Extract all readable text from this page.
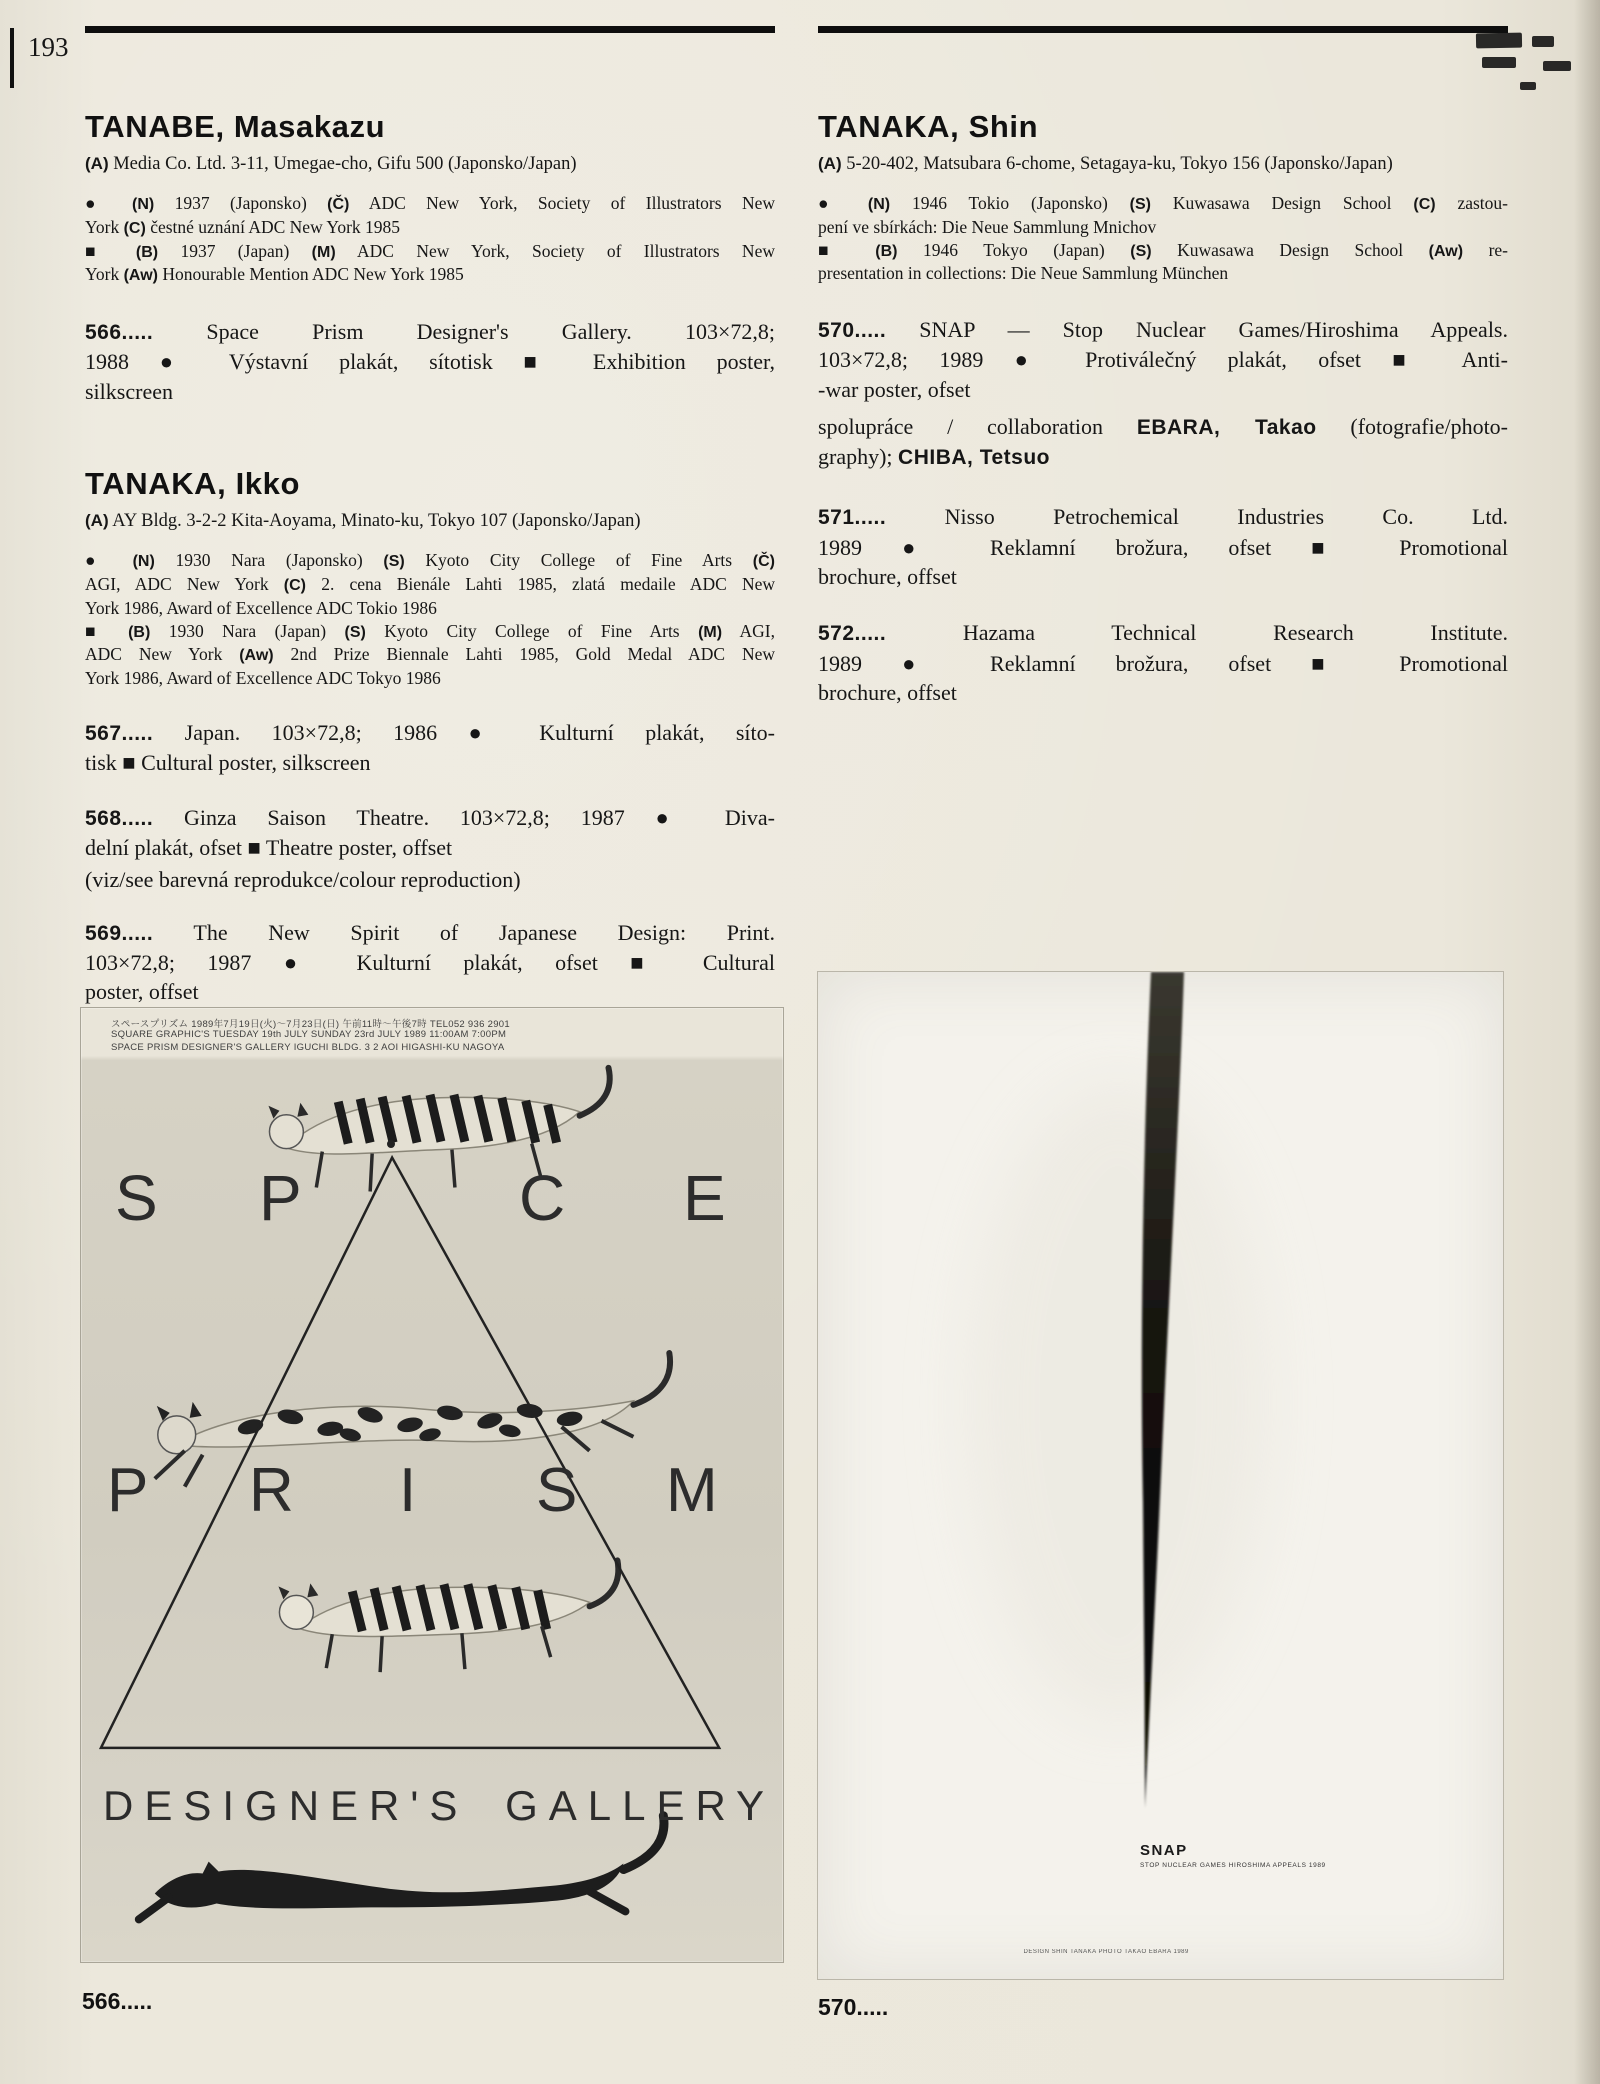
193
TANABE, Masakazu
(A) Media Co. Ltd. 3-11, Umegae-cho, Gifu 500 (Japonsko/Japan)
● (N) 1937 (Japonsko) (Č) ADC New York, Society of Illustrators New
York (C) čestné uznání ADC New York 1985
■ (B) 1937 (Japan) (M) ADC New York, Society of Illustrators New
York (Aw) Honourable Mention ADC New York 1985
566..... Space Prism Designer's Gallery. 103×72,8;
1988 ● Výstavní plakát, sítotisk ■ Exhibition poster,
silkscreen
TANAKA, Ikko
(A) AY Bldg. 3-2-2 Kita-Aoyama, Minato-ku, Tokyo 107 (Japonsko/Japan)
● (N) 1930 Nara (Japonsko) (S) Kyoto City College of Fine Arts (Č)
AGI, ADC New York (C) 2. cena Bienále Lahti 1985, zlatá medaile ADC New
York 1986, Award of Excellence ADC Tokio 1986
■ (B) 1930 Nara (Japan) (S) Kyoto City College of Fine Arts (M) AGI,
ADC New York (Aw) 2nd Prize Biennale Lahti 1985, Gold Medal ADC New
York 1986, Award of Excellence ADC Tokyo 1986
567..... Japan. 103×72,8; 1986 ● Kulturní plakát, síto-
tisk ■ Cultural poster, silkscreen
568..... Ginza Saison Theatre. 103×72,8; 1987 ● Diva-
delní plakát, ofset ■ Theatre poster, offset
(viz/see barevná reprodukce/colour reproduction)
569..... The New Spirit of Japanese Design: Print.
103×72,8; 1987 ● Kulturní plakát, ofset ■ Cultural
poster, offset
TANAKA, Shin
(A) 5-20-402, Matsubara 6-chome, Setagaya-ku, Tokyo 156 (Japonsko/Japan)
● (N) 1946 Tokio (Japonsko) (S) Kuwasawa Design School (C) zastou-
pení ve sbírkách: Die Neue Sammlung Mnichov
■ (B) 1946 Tokyo (Japan) (S) Kuwasawa Design School (Aw) re-
presentation in collections: Die Neue Sammlung München
570..... SNAP — Stop Nuclear Games/Hiroshima Appeals.
103×72,8; 1989 ● Protiválečný plakát, ofset ■ Anti-
-war poster, ofset
spolupráce / collaboration EBARA, Takao (fotografie/photo-
graphy); CHIBA, Tetsuo
571..... Nisso Petrochemical Industries Co. Ltd.
1989 ● Reklamní brožura, ofset ■ Promotional
brochure, offset
572..... Hazama Technical Research Institute.
1989 ● Reklamní brožura, ofset ■ Promotional
brochure, offset
スペースプリズム 1989年7月19日(火)〜7月23日(日) 午前11時〜午後7時 TEL052 936 2901
SQUARE GRAPHIC'S TUESDAY 19th JULY SUNDAY 23rd JULY 1989 11:00AM 7:00PM
SPACE PRISM DESIGNER'S GALLERY IGUCHI BLDG. 3 2 AOI HIGASHI-KU NAGOYA
S P	C E
P R I S M
DESIGNER'S GALLERY
566.....
SNAP
STOP NUCLEAR GAMES HIROSHIMA APPEALS 1989
DESIGN SHIN TANAKA PHOTO TAKAO EBARA 1989
570.....
